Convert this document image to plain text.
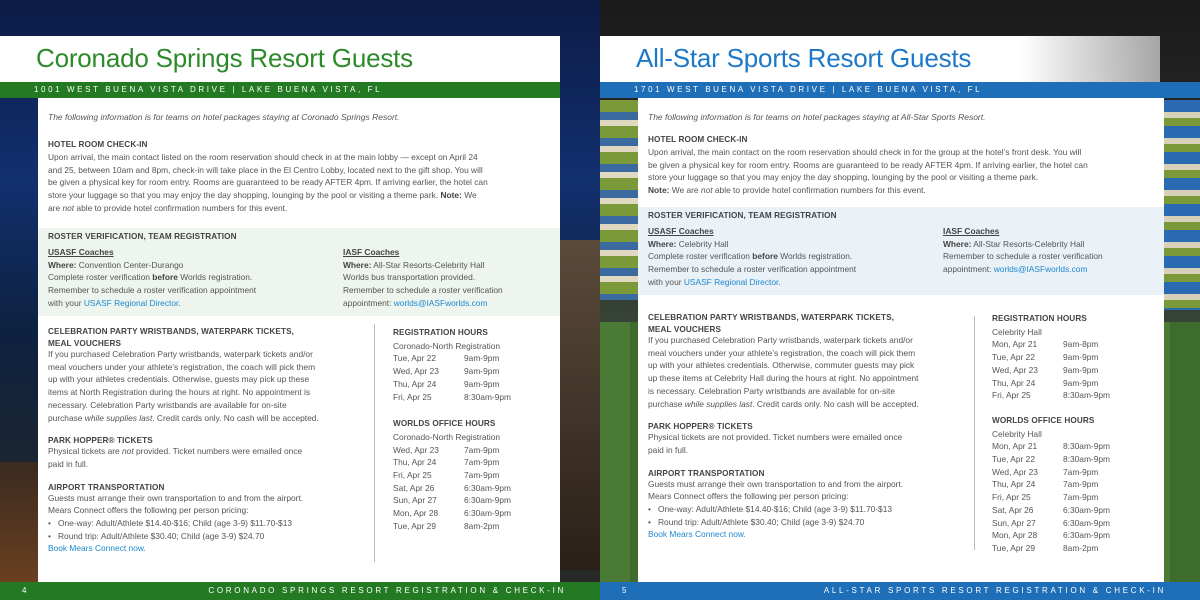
Coronado Springs Resort Guests
1001 WEST BUENA VISTA DRIVE | LAKE BUENA VISTA, FL
The following information is for teams on hotel packages staying at Coronado Springs Resort.
HOTEL ROOM CHECK-IN
Upon arrival, the main contact listed on the room reservation should check in at the main lobby — except on April 24
and 25, between 10am and 8pm, check-in will take place in the El Centro Lobby, located next to the gift shop. You will
be given a physical key for room entry. Rooms are guaranteed to be ready AFTER 4pm. If arriving earlier, the hotel can
store your luggage so that you may enjoy the day shopping, lounging by the pool or visiting a theme park. Note: We
are not able to provide hotel confirmation numbers for this event.
ROSTER VERIFICATION, TEAM REGISTRATION
USASF Coaches
Where: Convention Center-Durango
Complete roster verification before Worlds registration.
Remember to schedule a roster verification appointment
with your USASF Regional Director.
IASF Coaches
Where: All-Star Resorts-Celebrity Hall
Worlds bus transportation provided.
Remember to schedule a roster verification
appointment: worlds@IASFworlds.com
CELEBRATION PARTY WRISTBANDS, WATERPARK TICKETS,
MEAL VOUCHERS
If you purchased Celebration Party wristbands, waterpark tickets and/or
meal vouchers under your athlete’s registration, the coach will pick them
up with your athletes credentials. Otherwise, guests may pick up these
items at North Registration during the hours at right. No appointment is
necessary. Celebration Party wristbands are available for on-site
purchase while supplies last. Credit cards only. No cash will be accepted.
PARK HOPPER® TICKETS
Physical tickets are not provided. Ticket numbers were emailed once
paid in full.
AIRPORT TRANSPORTATION
Guests must arrange their own transportation to and from the airport.
Mears Connect offers the following per person pricing:
• One-way: Adult/Athlete $14.40-$16; Child (age 3-9) $11.70-$13
• Round trip: Adult/Athlete $30.40; Child (age 3-9) $24.70
Book Mears Connect now.
REGISTRATION HOURS
Coronado-North Registration
Tue, Apr 22	9am-9pm
Wed, Apr 23	9am-9pm
Thu, Apr 24	9am-9pm
Fri, Apr 25	8:30am-9pm
WORLDS OFFICE HOURS
Coronado-North Registration
Wed, Apr 23	7am-9pm
Thu, Apr 24	7am-9pm
Fri, Apr 25	7am-9pm
Sat, Apr 26	6:30am-9pm
Sun, Apr 27	6:30am-9pm
Mon, Apr 28	6:30am-9pm
Tue, Apr 29	8am-2pm
4	CORONADO SPRINGS RESORT REGISTRATION & CHECK-IN
All-Star Sports Resort Guests
1701 WEST BUENA VISTA DRIVE | LAKE BUENA VISTA, FL
The following information is for teams on hotel packages staying at All-Star Sports Resort.
HOTEL ROOM CHECK-IN
Upon arrival, the main contact on the room reservation should check in for the group at the hotel’s front desk. You will
be given a physical key for room entry. Rooms are guaranteed to be ready AFTER 4pm. If arriving earlier, the hotel can
store your luggage so that you may enjoy the day shopping, lounging by the pool or visiting a theme park.
Note: We are not able to provide hotel confirmation numbers for this event.
ROSTER VERIFICATION, TEAM REGISTRATION
USASF Coaches
Where: Celebrity Hall
Complete roster verification before Worlds registration.
Remember to schedule a roster verification appointment
with your USASF Regional Director.
IASF Coaches
Where: All-Star Resorts-Celebrity Hall
Remember to schedule a roster verification
appointment: worlds@IASFworlds.com
CELEBRATION PARTY WRISTBANDS, WATERPARK TICKETS,
MEAL VOUCHERS
If you purchased Celebration Party wristbands, waterpark tickets and/or
meal vouchers under your athlete’s registration, the coach will pick them
up with your athletes credentials. Otherwise, commuter guests may pick
up these items at Celebrity Hall during the hours at right. No appointment
is necessary. Celebration Party wristbands are available for on-site
purchase while supplies last. Credit cards only. No cash will be accepted.
PARK HOPPER® TICKETS
Physical tickets are not provided. Ticket numbers were emailed once
paid in full.
AIRPORT TRANSPORTATION
Guests must arrange their own transportation to and from the airport.
Mears Connect offers the following per person pricing:
• One-way: Adult/Athlete $14.40-$16; Child (age 3-9) $11.70-$13
• Round trip: Adult/Athlete $30.40; Child (age 3-9) $24.70
Book Mears Connect now.
REGISTRATION HOURS
Celebrity Hall
Mon, Apr 21	9am-8pm
Tue, Apr 22	9am-9pm
Wed, Apr 23	9am-9pm
Thu, Apr 24	9am-9pm
Fri, Apr 25	8:30am-9pm
WORLDS OFFICE HOURS
Celebrity Hall
Mon, Apr 21	8:30am-9pm
Tue, Apr 22	8:30am-9pm
Wed, Apr 23	7am-9pm
Thu, Apr 24	7am-9pm
Fri, Apr 25	7am-9pm
Sat, Apr 26	6:30am-9pm
Sun, Apr 27	6:30am-9pm
Mon, Apr 28	6:30am-9pm
Tue, Apr 29	8am-2pm
5	ALL-STAR SPORTS RESORT REGISTRATION & CHECK-IN
